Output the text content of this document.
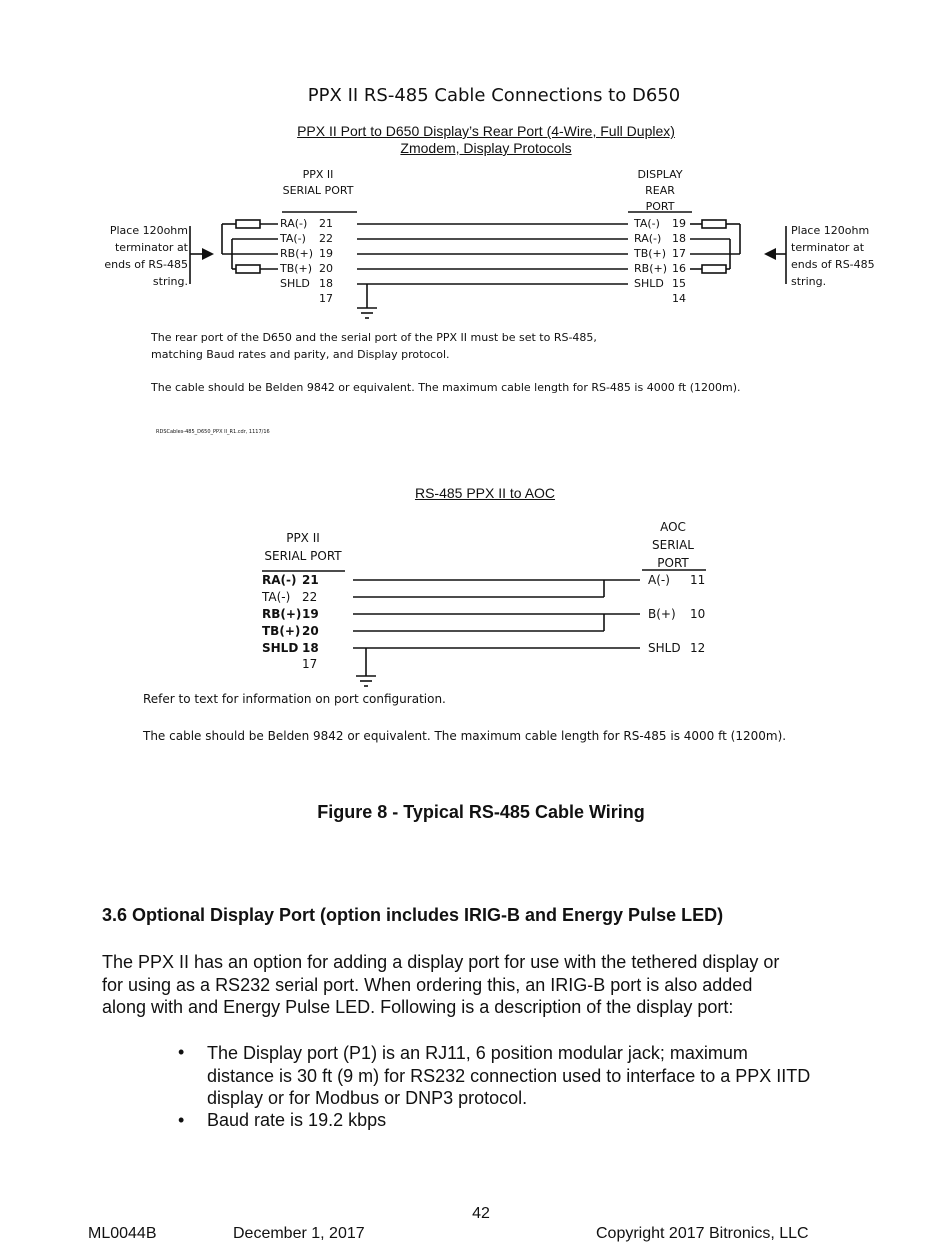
PPX II RS-485 Cable Connections to D650
PPX II Port to D650 Display’s Rear Port (4-Wire, Full Duplex)
Zmodem, Display Protocols
PPX II
SERIAL PORT
DISPLAY
REAR
PORT
RA(-) 21
TA(-) 22
RB(+) 19
TB(+) 20
SHLD 18
17
TA(-) 19
RA(-) 18
TB(+) 17
RB(+) 16
SHLD 15
14
Place 120ohm
terminator at
ends of RS-485
string.
Place 120ohm
terminator at
ends of RS-485
string.
The rear port of the D650 and the serial port of the PPX II must be set to RS-485,
matching Baud rates and parity, and Display protocol.
The cable should be Belden 9842 or equivalent. The maximum cable length for RS-485 is 4000 ft (1200m).
RDSCables-485_D650_PPX II_R1.cdr, 1117/16
RS-485 PPX II to AOC
PPX II
SERIAL PORT
AOC
SERIAL
PORT
RA(-) 21
TA(-) 22
RB(+) 19
TB(+) 20
SHLD 18
17
A(-) 11
B(+) 10
SHLD 12
Refer to text for information on port configuration.
The cable should be Belden 9842 or equivalent. The maximum cable length for RS-485 is 4000 ft (1200m).
Figure 8 - Typical RS-485 Cable Wiring
3.6 Optional Display Port (option includes IRIG-B and Energy Pulse LED)
The PPX II has an option for adding a display port for use with the tethered display or
for using as a RS232 serial port. When ordering this, an IRIG-B port is also added
along with and Energy Pulse LED. Following is a description of the display port:
• The Display port (P1) is an RJ11, 6 position modular jack; maximum
distance is 30 ft (9 m) for RS232 connection used to interface to a PPX IITD
display or for Modbus or DNP3 protocol.
• Baud rate is 19.2 kbps
42
ML0044B	December 1, 2017	Copyright 2017 Bitronics, LLC
